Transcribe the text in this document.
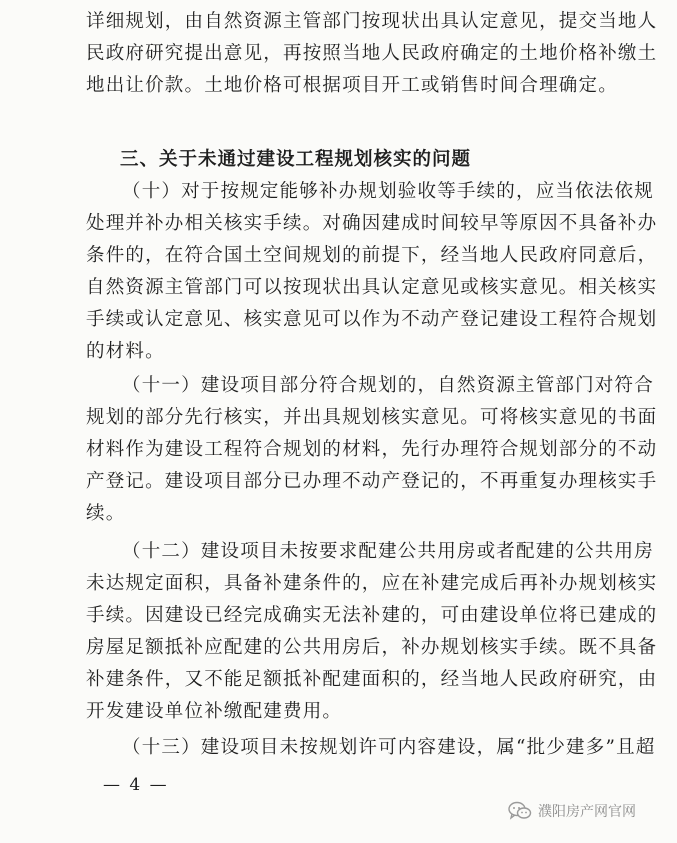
详细规划，由自然资源主管部门按现状出具认定意见，提交当地人
民政府研究提出意见，再按照当地人民政府确定的土地价格补缴土
地出让价款。土地价格可根据项目开工或销售时间合理确定。
三、关于未通过建设工程规划核实的问题
（十）对于按规定能够补办规划验收等手续的，应当依法依规
处理并补办相关核实手续。对确因建成时间较早等原因不具备补办
条件的，在符合国土空间规划的前提下，经当地人民政府同意后，
自然资源主管部门可以按现状出具认定意见或核实意见。相关核实
手续或认定意见、核实意见可以作为不动产登记建设工程符合规划
的材料。
（十一）建设项目部分符合规划的，自然资源主管部门对符合
规划的部分先行核实，并出具规划核实意见。可将核实意见的书面
材料作为建设工程符合规划的材料，先行办理符合规划部分的不动
产登记。建设项目部分已办理不动产登记的，不再重复办理核实手
续。
（十二）建设项目未按要求配建公共用房或者配建的公共用房
未达规定面积，具备补建条件的，应在补建完成后再补办规划核实
手续。因建设已经完成确实无法补建的，可由建设单位将已建成的
房屋足额抵补应配建的公共用房后，补办规划核实手续。既不具备
补建条件，又不能足额抵补配建面积的，经当地人民政府研究，由
开发建设单位补缴配建费用。
（十三）建设项目未按规划许可内容建设，属“批少建多”且超
— 4 —
濮阳房产网官网
